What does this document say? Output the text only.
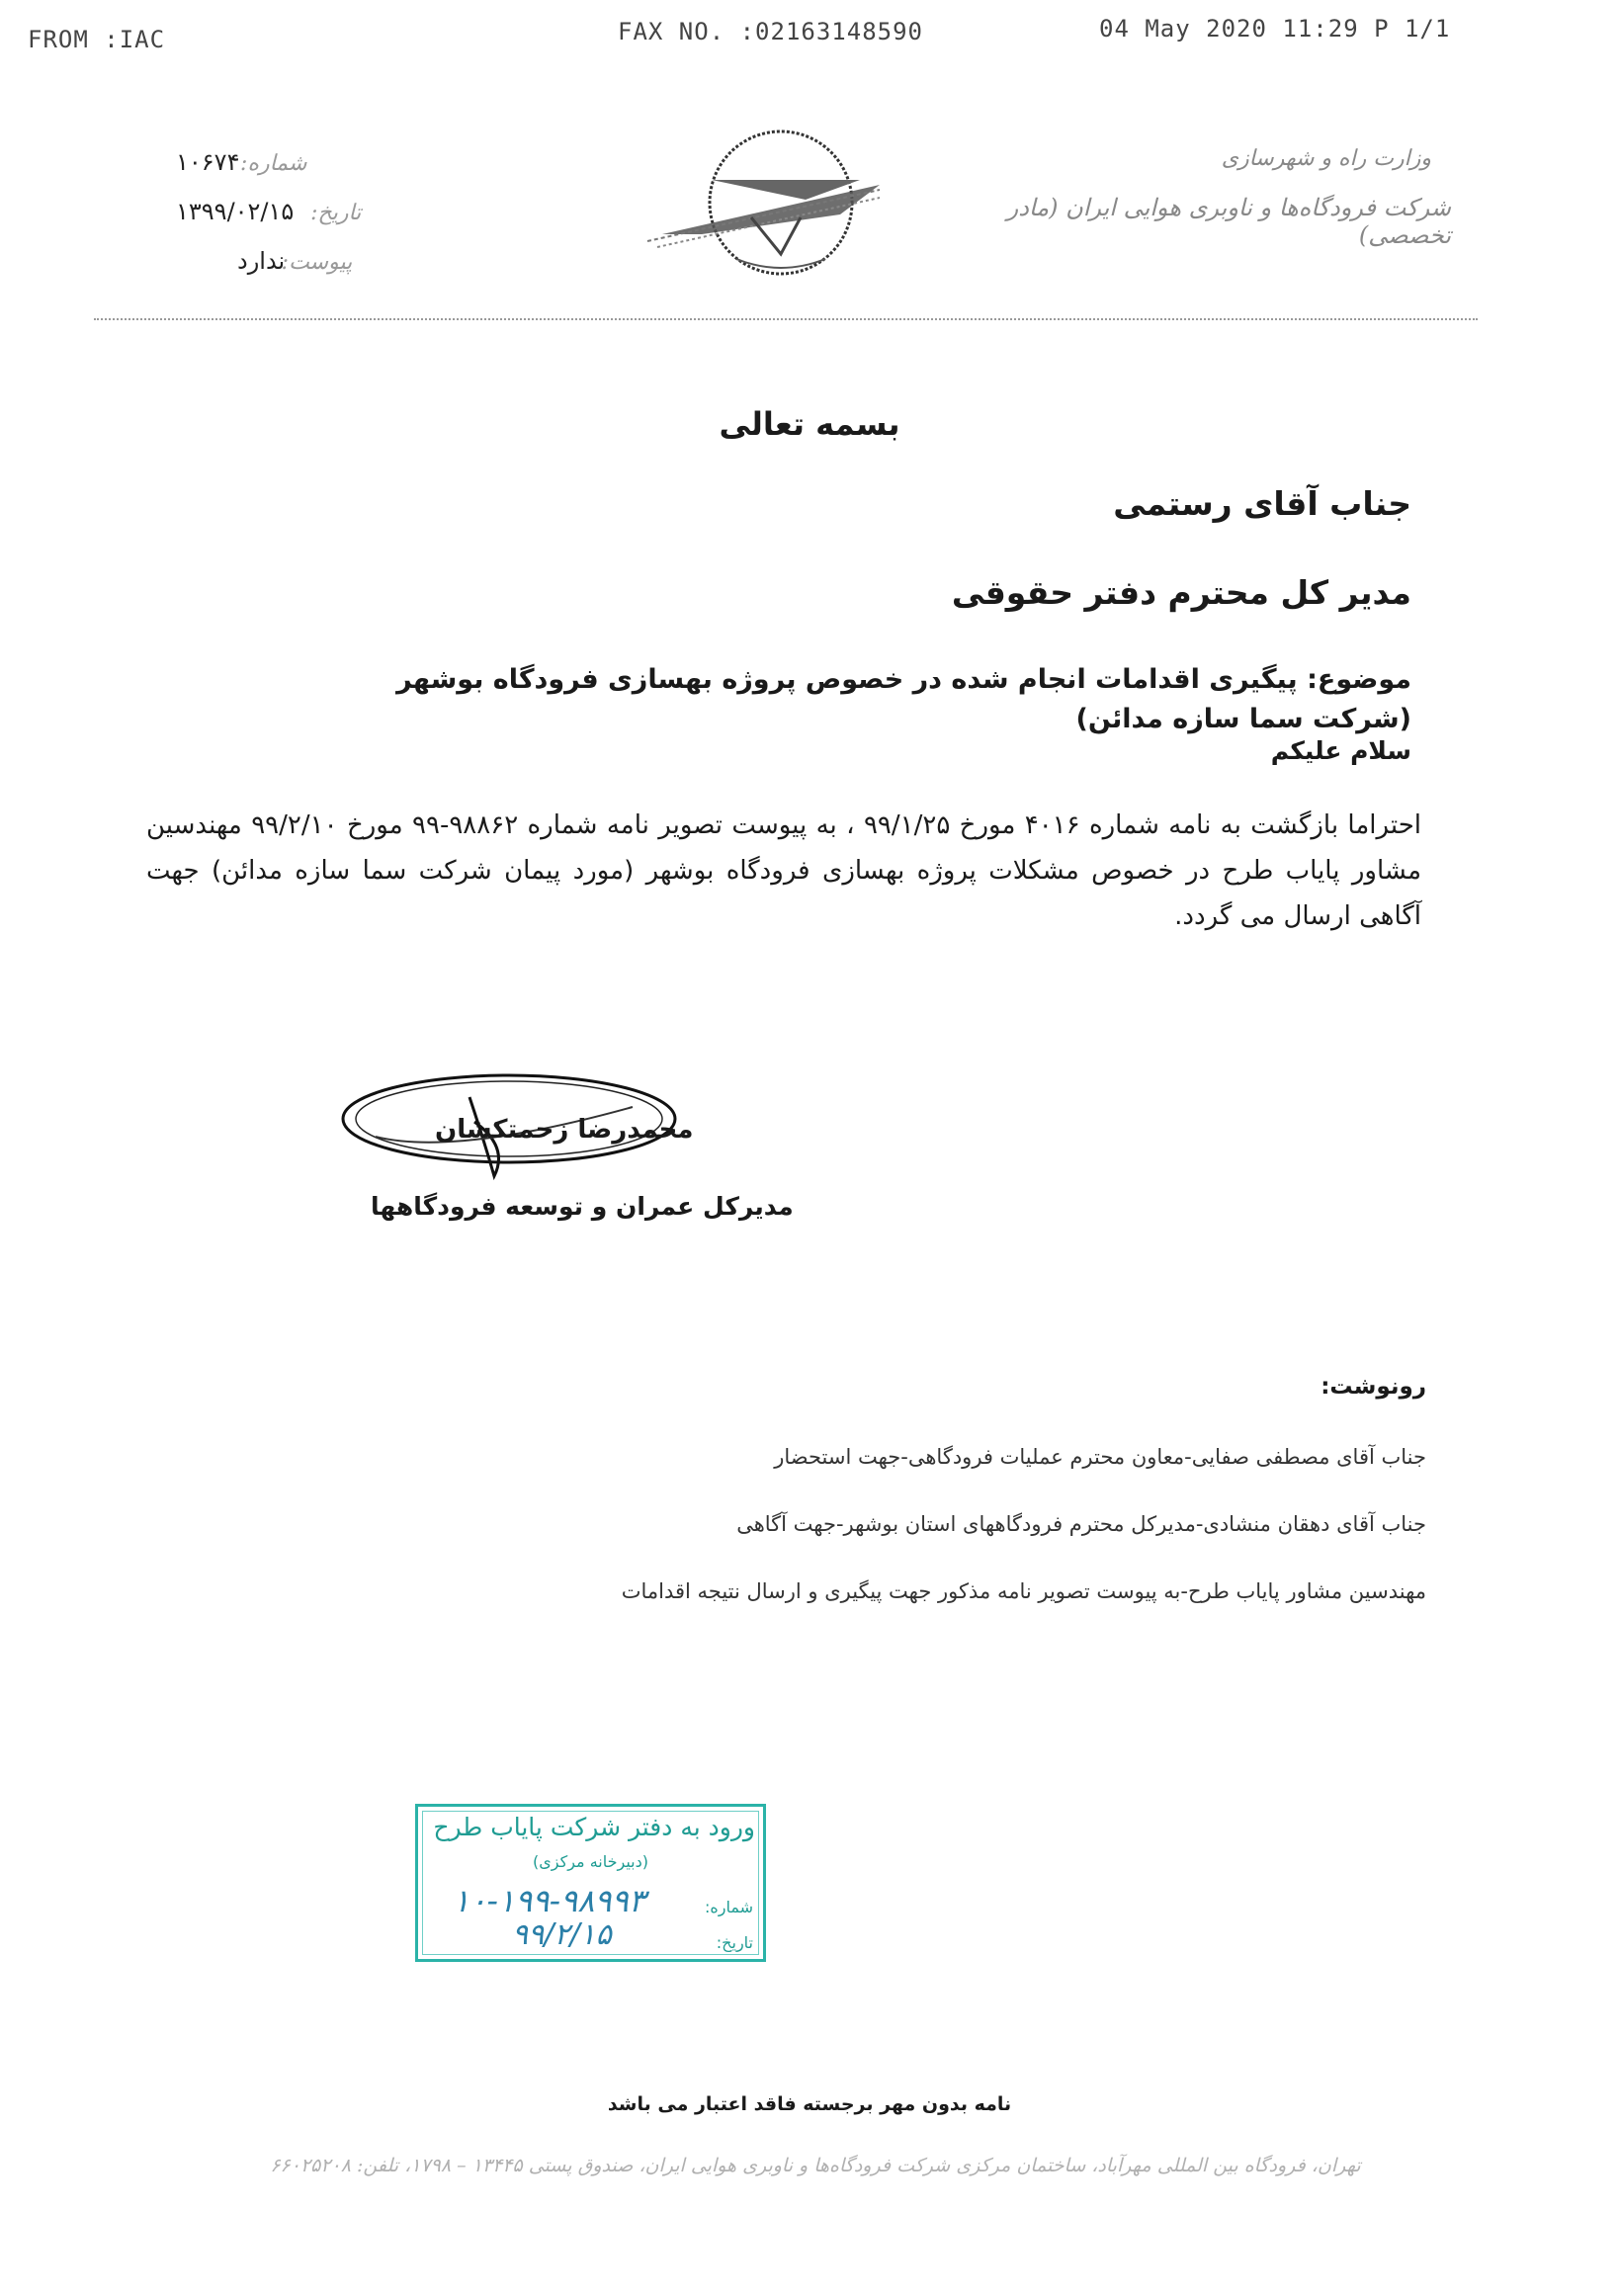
FROM :IAC	FAX NO. :02163148590	04 May 2020 11:29 P 1/1
شماره:
۱۰۶۷۴
تاریخ:
۱۳۹۹/۰۲/۱۵
پیوست:
ندارد
وزارت راه و شهرسازی
شرکت فرودگاه‌ها و ناوبری هوایی ایران (مادر تخصصی)
بسمه تعالی
جناب آقای رستمی
مدیر کل محترم دفتر حقوقی
موضوع: پیگیری اقدامات انجام شده در خصوص پروژه بهسازی فرودگاه بوشهر (شرکت سما سازه مدائن)
سلام علیکم
احتراما بازگشت به نامه شماره ۴۰۱۶ مورخ ۹۹/۱/۲۵ ، به پیوست تصویر نامه شماره ۹۸۸۶۲-۹۹ مورخ ۹۹/۲/۱۰ مهندسین مشاور پایاب طرح در خصوص مشکلات پروژه بهسازی فرودگاه بوشهر (مورد پیمان شرکت سما سازه مدائن) جهت آگاهی ارسال می گردد.
محمدرضا زحمتکشان
مدیرکل عمران و توسعه فرودگاهها
رونوشت:
جناب آقای مصطفی صفایی-معاون محترم عملیات فرودگاهی-جهت استحضار
جناب آقای دهقان منشادی-مدیرکل محترم فرودگاههای استان بوشهر-جهت آگاهی
مهندسین مشاور پایاب طرح-به پیوست تصویر نامه مذکور جهت پیگیری و ارسال نتیجه اقدامات
ورود به دفتر شرکت پایاب طرح
(دبیرخانه مرکزی)
شماره:
۱۰-۱۹۹-۹۸۹۹۳
تاریخ:
۹۹/۲/۱۵
نامه بدون مهر برجسته فاقد اعتبار می باشد
تهران، فرودگاه بین المللی مهرآباد، ساختمان مرکزی شرکت فرودگاه‌ها و ناوبری هوایی ایران، صندوق پستی ۱۳۴۴۵ – ۱۷۹۸، تلفن: ۶۶۰۲۵۲۰۸
